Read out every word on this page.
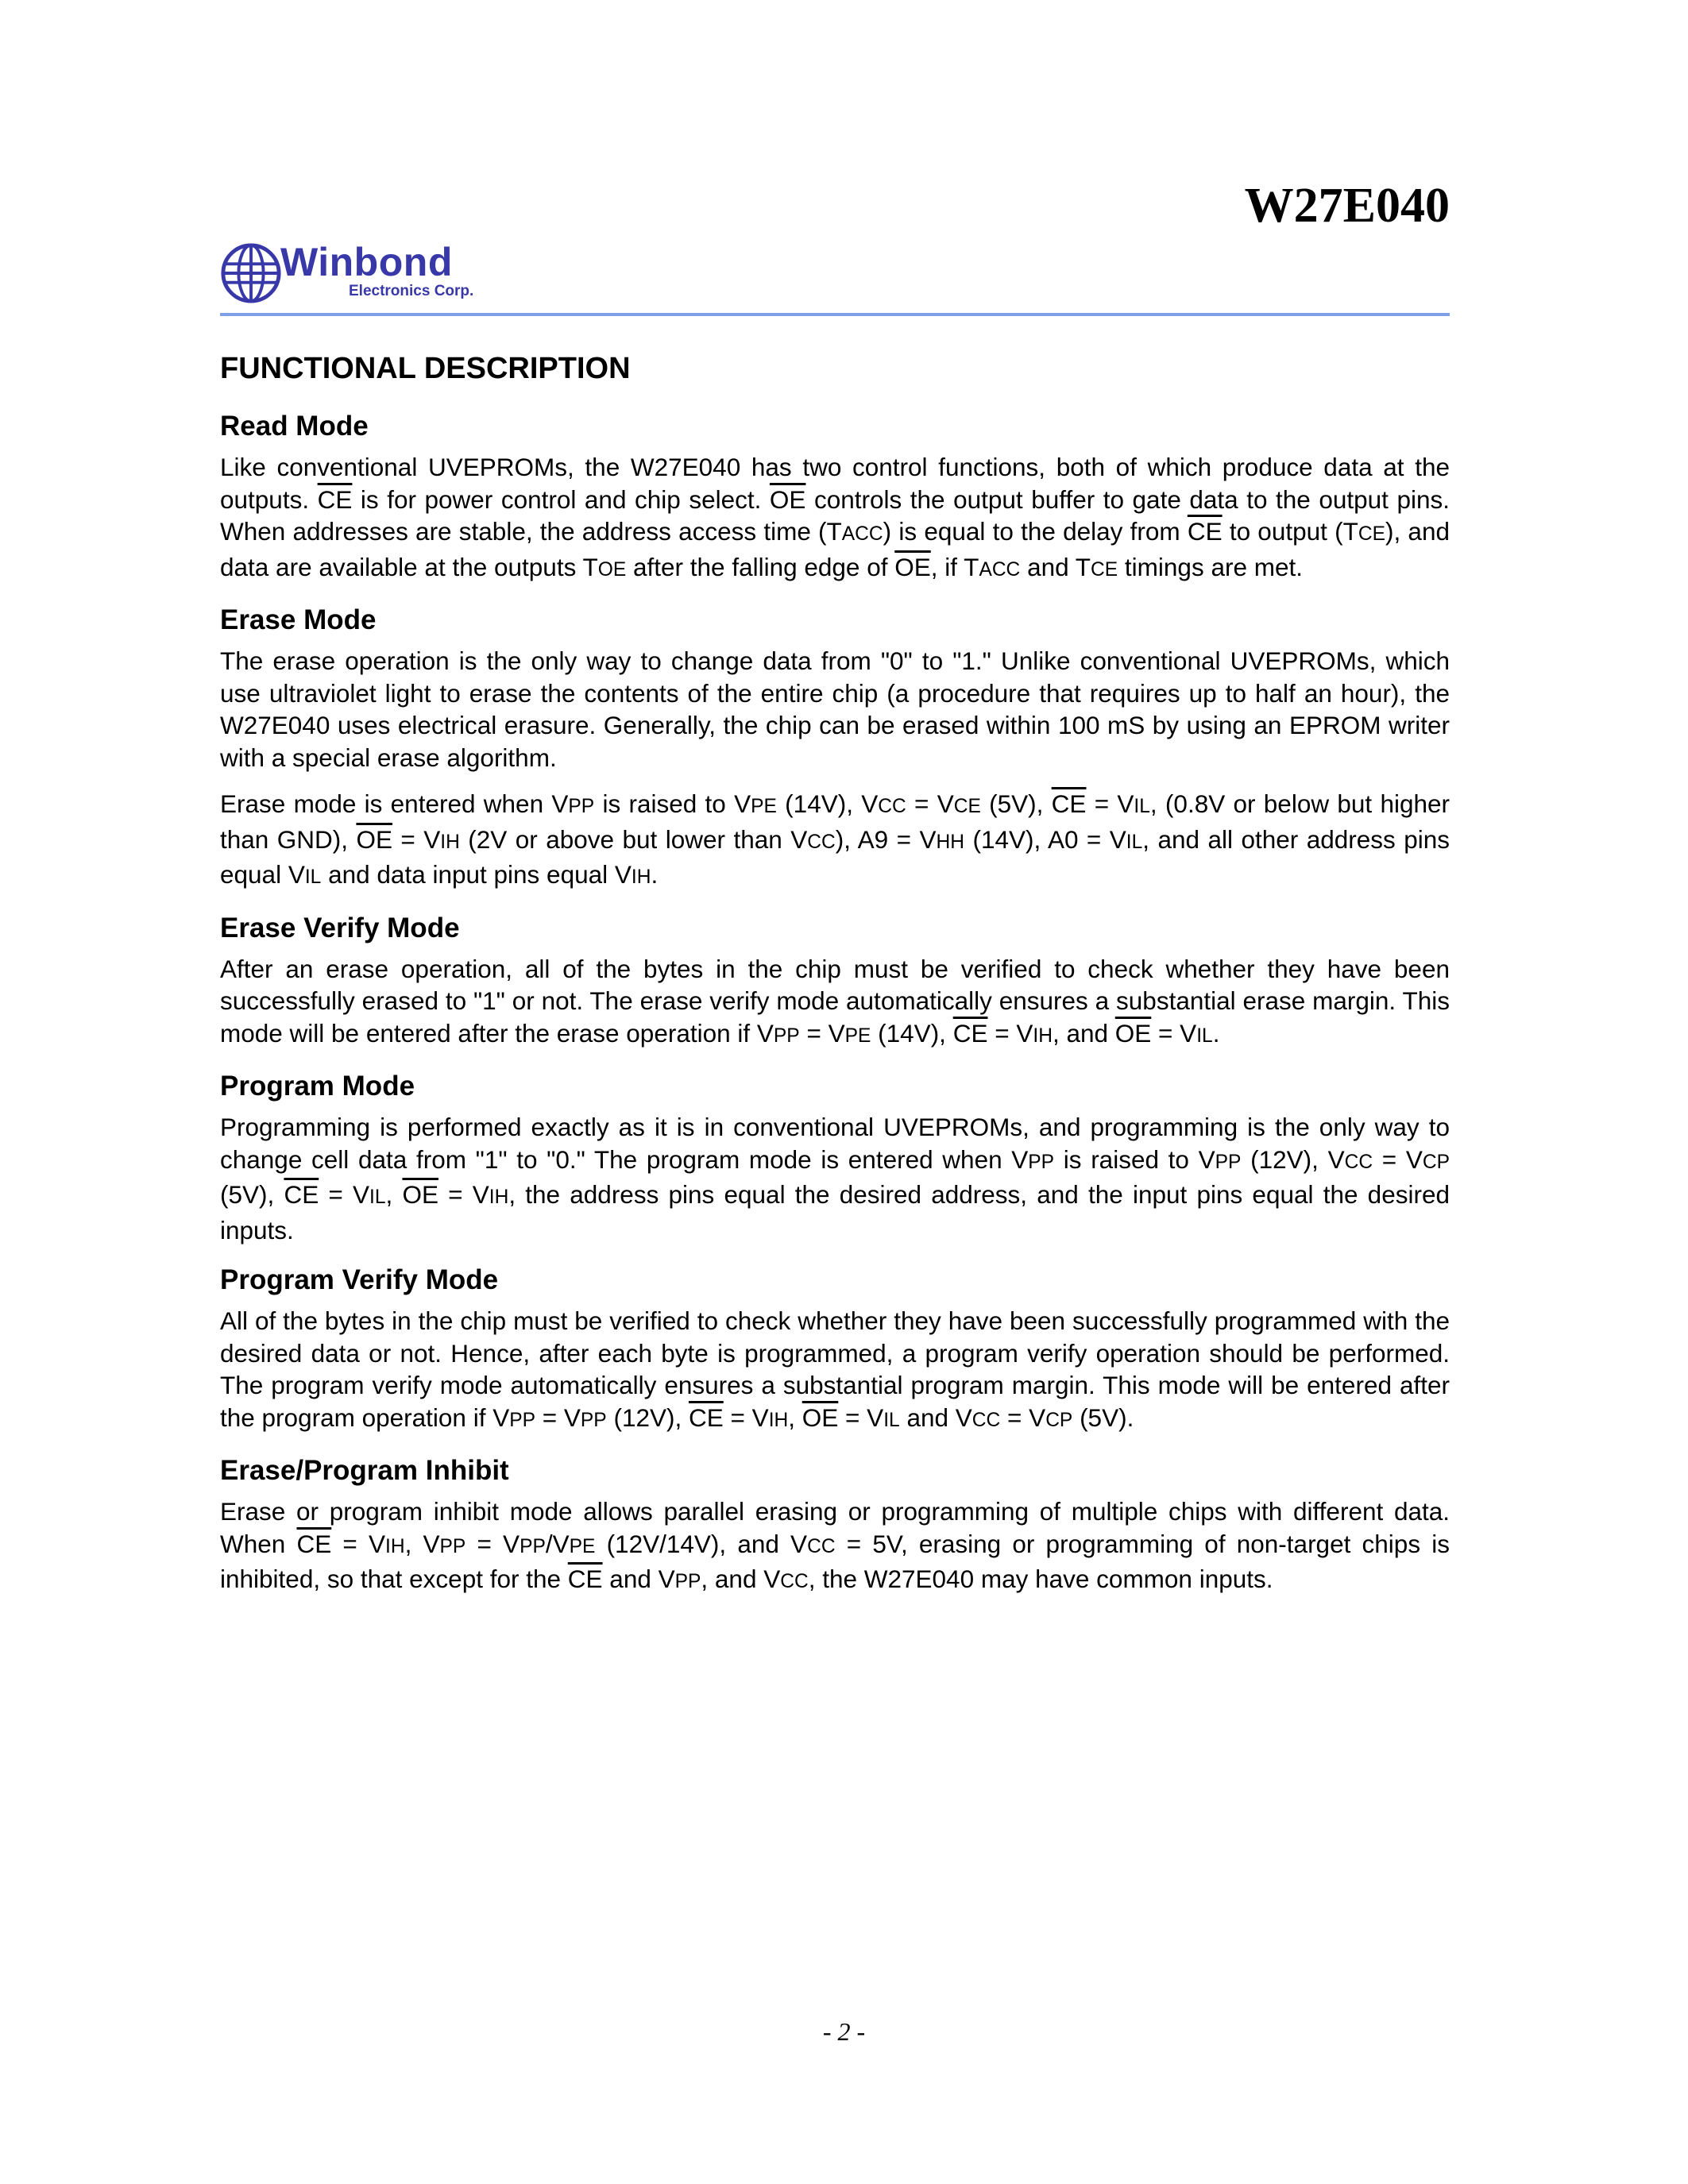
W27E040
Winbond
Electronics Corp.
FUNCTIONAL DESCRIPTION
Read Mode

Like conventional UVEPROMs, the W27E040 has two control functions, both of which produce data at the outputs. $\overline{CE}$ is for power control and chip select. $\overline{OE}$ controls the output buffer to gate data to the output pins. When addresses are stable, the address access time (TACC) is equal to the delay from $\overline{CE}$ to output (TCE), and data are available at the outputs TOE after the falling edge of $\overline{OE}$, if TACC and TCE timings are met.

Erase Mode

The erase operation is the only way to change data from "0" to "1." Unlike conventional UVEPROMs, which use ultraviolet light to erase the contents of the entire chip (a procedure that requires up to half an hour), the W27E040 uses electrical erasure. Generally, the chip can be erased within 100 mS by using an EPROM writer with a special erase algorithm.

Erase mode is entered when VPP is raised to VPE (14V), VCC = VCE (5V), $\overline{CE}$ = VIL, (0.8V or below but higher than GND), $\overline{OE}$ = VIH (2V or above but lower than VCC), A9 = VHH (14V), A0 = VIL, and all other address pins equal VIL and data input pins equal VIH.

Erase Verify Mode

After an erase operation, all of the bytes in the chip must be verified to check whether they have been successfully erased to "1" or not. The erase verify mode automatically ensures a substantial erase margin. This mode will be entered after the erase operation if VPP = VPE (14V), $\overline{CE}$ = VIH, and $\overline{OE}$ = VIL.

Program Mode

Programming is performed exactly as it is in conventional UVEPROMs, and programming is the only way to change cell data from "1" to "0." The program mode is entered when VPP is raised to VPP (12V), VCC = VCP (5V), $\overline{CE}$ = VIL, $\overline{OE}$ = VIH, the address pins equal the desired address, and the input pins equal the desired inputs.

Program Verify Mode

All of the bytes in the chip must be verified to check whether they have been successfully programmed with the desired data or not. Hence, after each byte is programmed, a program verify operation should be performed. The program verify mode automatically ensures a substantial program margin. This mode will be entered after the program operation if VPP = VPP (12V), $\overline{CE}$ = VIH, $\overline{OE}$ = VIL and VCC = VCP (5V).

Erase/Program Inhibit

Erase or program inhibit mode allows parallel erasing or programming of multiple chips with different data. When $\overline{CE}$ = VIH, VPP = VPP/VPE (12V/14V), and VCC = 5V, erasing or programming of non-target chips is inhibited, so that except for the $\overline{CE}$ and VPP, and VCC, the W27E040 may have common inputs.

- 2 -
